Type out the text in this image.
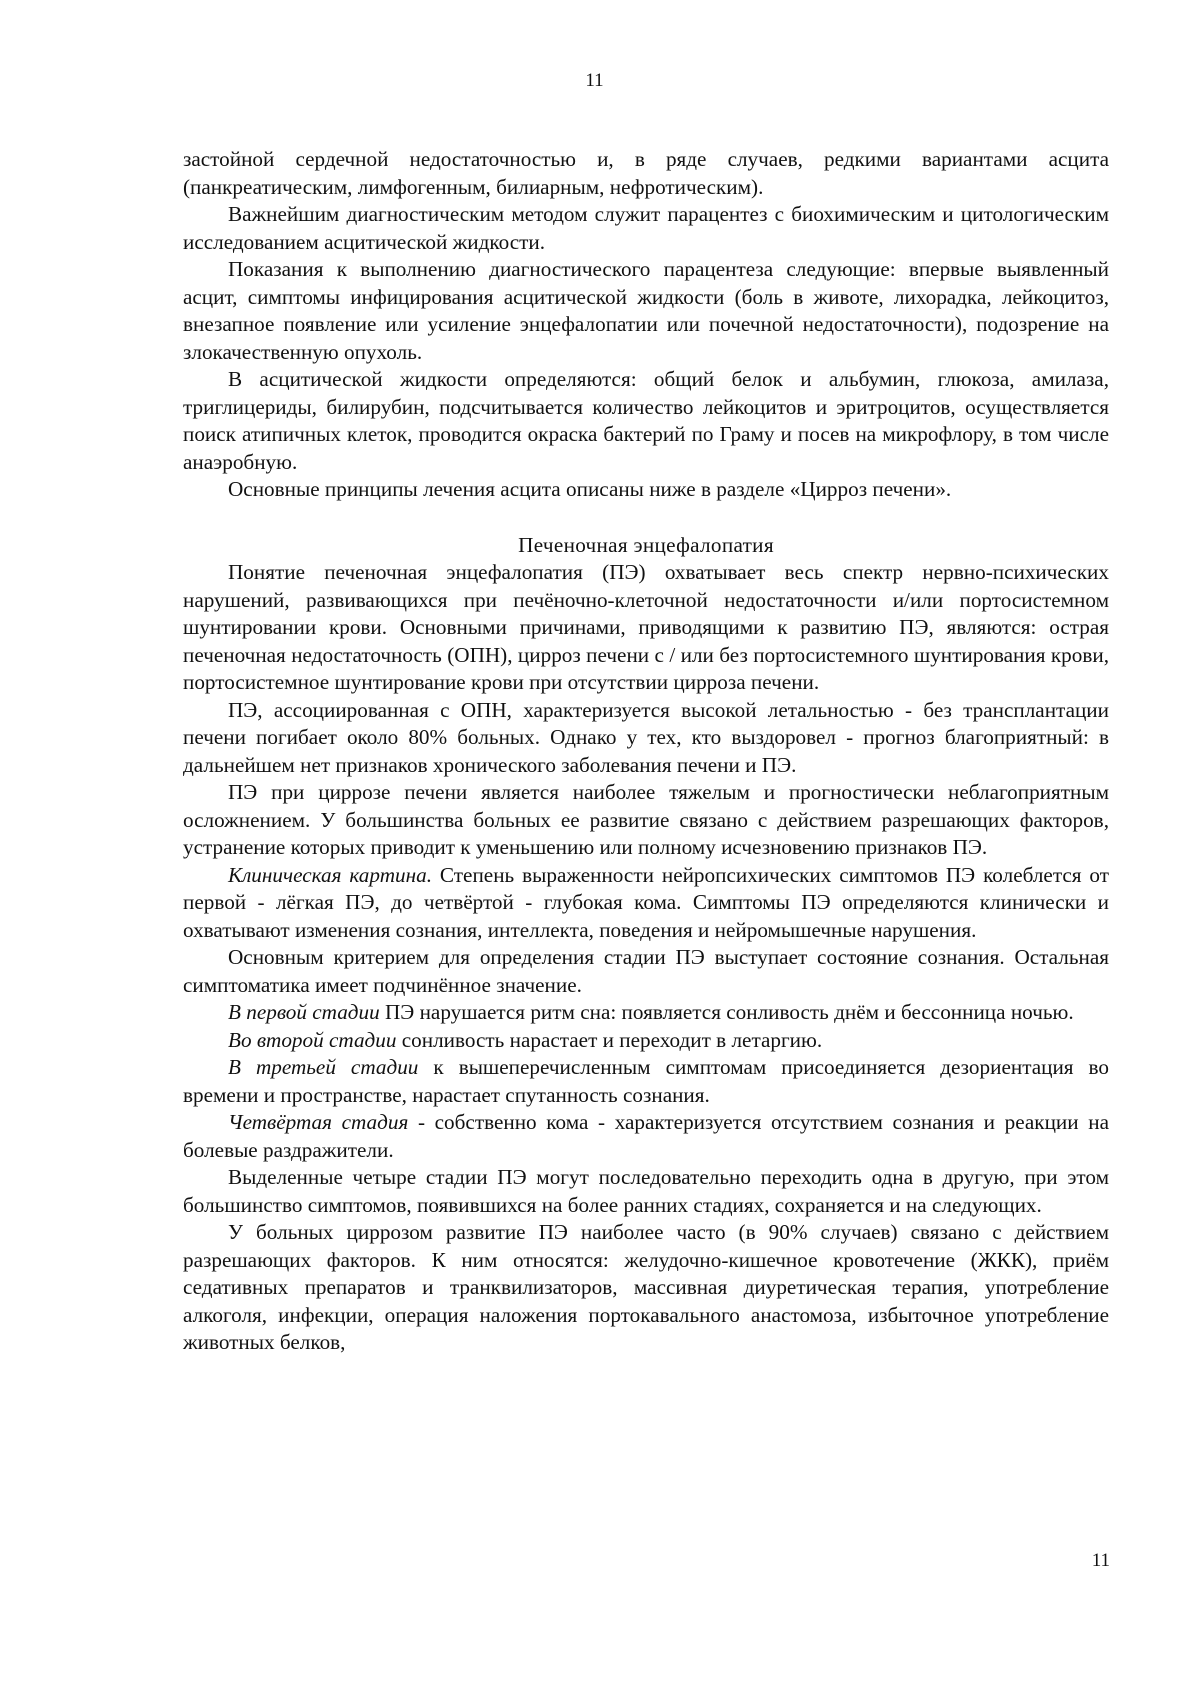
11

застойной сердечной недостаточностью и, в ряде случаев, редкими вариантами асцита (панкреатическим, лимфогенным, билиарным, нефротическим).

Важнейшим диагностическим методом служит парацентез с биохимическим и цитологическим исследованием асцитической жидкости.

Показания к выполнению диагностического парацентеза следующие: впервые выявленный асцит, симптомы инфицирования асцитической жидкости (боль в животе, лихорадка, лейкоцитоз, внезапное появление или усиление энцефалопатии или почечной недостаточности), подозрение на злокачественную опухоль.

В асцитической жидкости определяются: общий белок и альбумин, глюкоза, амилаза, триглицериды, билирубин, подсчитывается количество лейкоцитов и эритроцитов, осуществляется поиск атипичных клеток, проводится окраска бактерий по Граму и посев на микрофлору, в том числе анаэробную.

Основные принципы лечения асцита описаны ниже в разделе «Цирроз печени».

Печеночная энцефалопатия

Понятие печеночная энцефалопатия (ПЭ) охватывает весь спектр нервно-психических нарушений, развивающихся при печёночно-клеточной недостаточности и/или портосистемном шунтировании крови. Основными причинами, приводящими к развитию ПЭ, являются: острая печеночная недостаточность (ОПН), цирроз печени с / или без портосистемного шунтирования крови, портосистемное шунтирование крови при отсутствии цирроза печени.

ПЭ, ассоциированная с ОПН, характеризуется высокой летальностью - без трансплантации печени погибает около 80% больных. Однако у тех, кто выздоровел - прогноз благоприятный: в дальнейшем нет признаков хронического заболевания печени и ПЭ.

ПЭ при циррозе печени является наиболее тяжелым и прогностически неблагоприятным осложнением. У большинства больных ее развитие связано с действием разрешающих факторов, устранение которых приводит к уменьшению или полному исчезновению признаков ПЭ.

Клиническая картина. Степень выраженности нейропсихических симптомов ПЭ колеблется от первой - лёгкая ПЭ, до четвёртой - глубокая кома. Симптомы ПЭ определяются клинически и охватывают изменения сознания, интеллекта, поведения и нейромышечные нарушения.

Основным критерием для определения стадии ПЭ выступает состояние сознания. Остальная симптоматика имеет подчинённое значение.

В первой стадии ПЭ нарушается ритм сна: появляется сонливость днём и бессонница ночью.

Во второй стадии сонливость нарастает и переходит в летаргию.

В третьей стадии к вышеперечисленным симптомам присоединяется дезориентация во времени и пространстве, нарастает спутанность сознания.

Четвёртая стадия - собственно кома - характеризуется отсутствием сознания и реакции на болевые раздражители.

Выделенные четыре стадии ПЭ могут последовательно переходить одна в другую, при этом большинство симптомов, появившихся на более ранних стадиях, сохраняется и на следующих.

У больных циррозом развитие ПЭ наиболее часто (в 90% случаев) связано с действием разрешающих факторов. К ним относятся: желудочно-кишечное кровотечение (ЖКК), приём седативных препаратов и транквилизаторов, массивная диуретическая терапия, употребление алкоголя, инфекции, операция наложения портокавального анастомоза, избыточное употребление животных белков,

11
